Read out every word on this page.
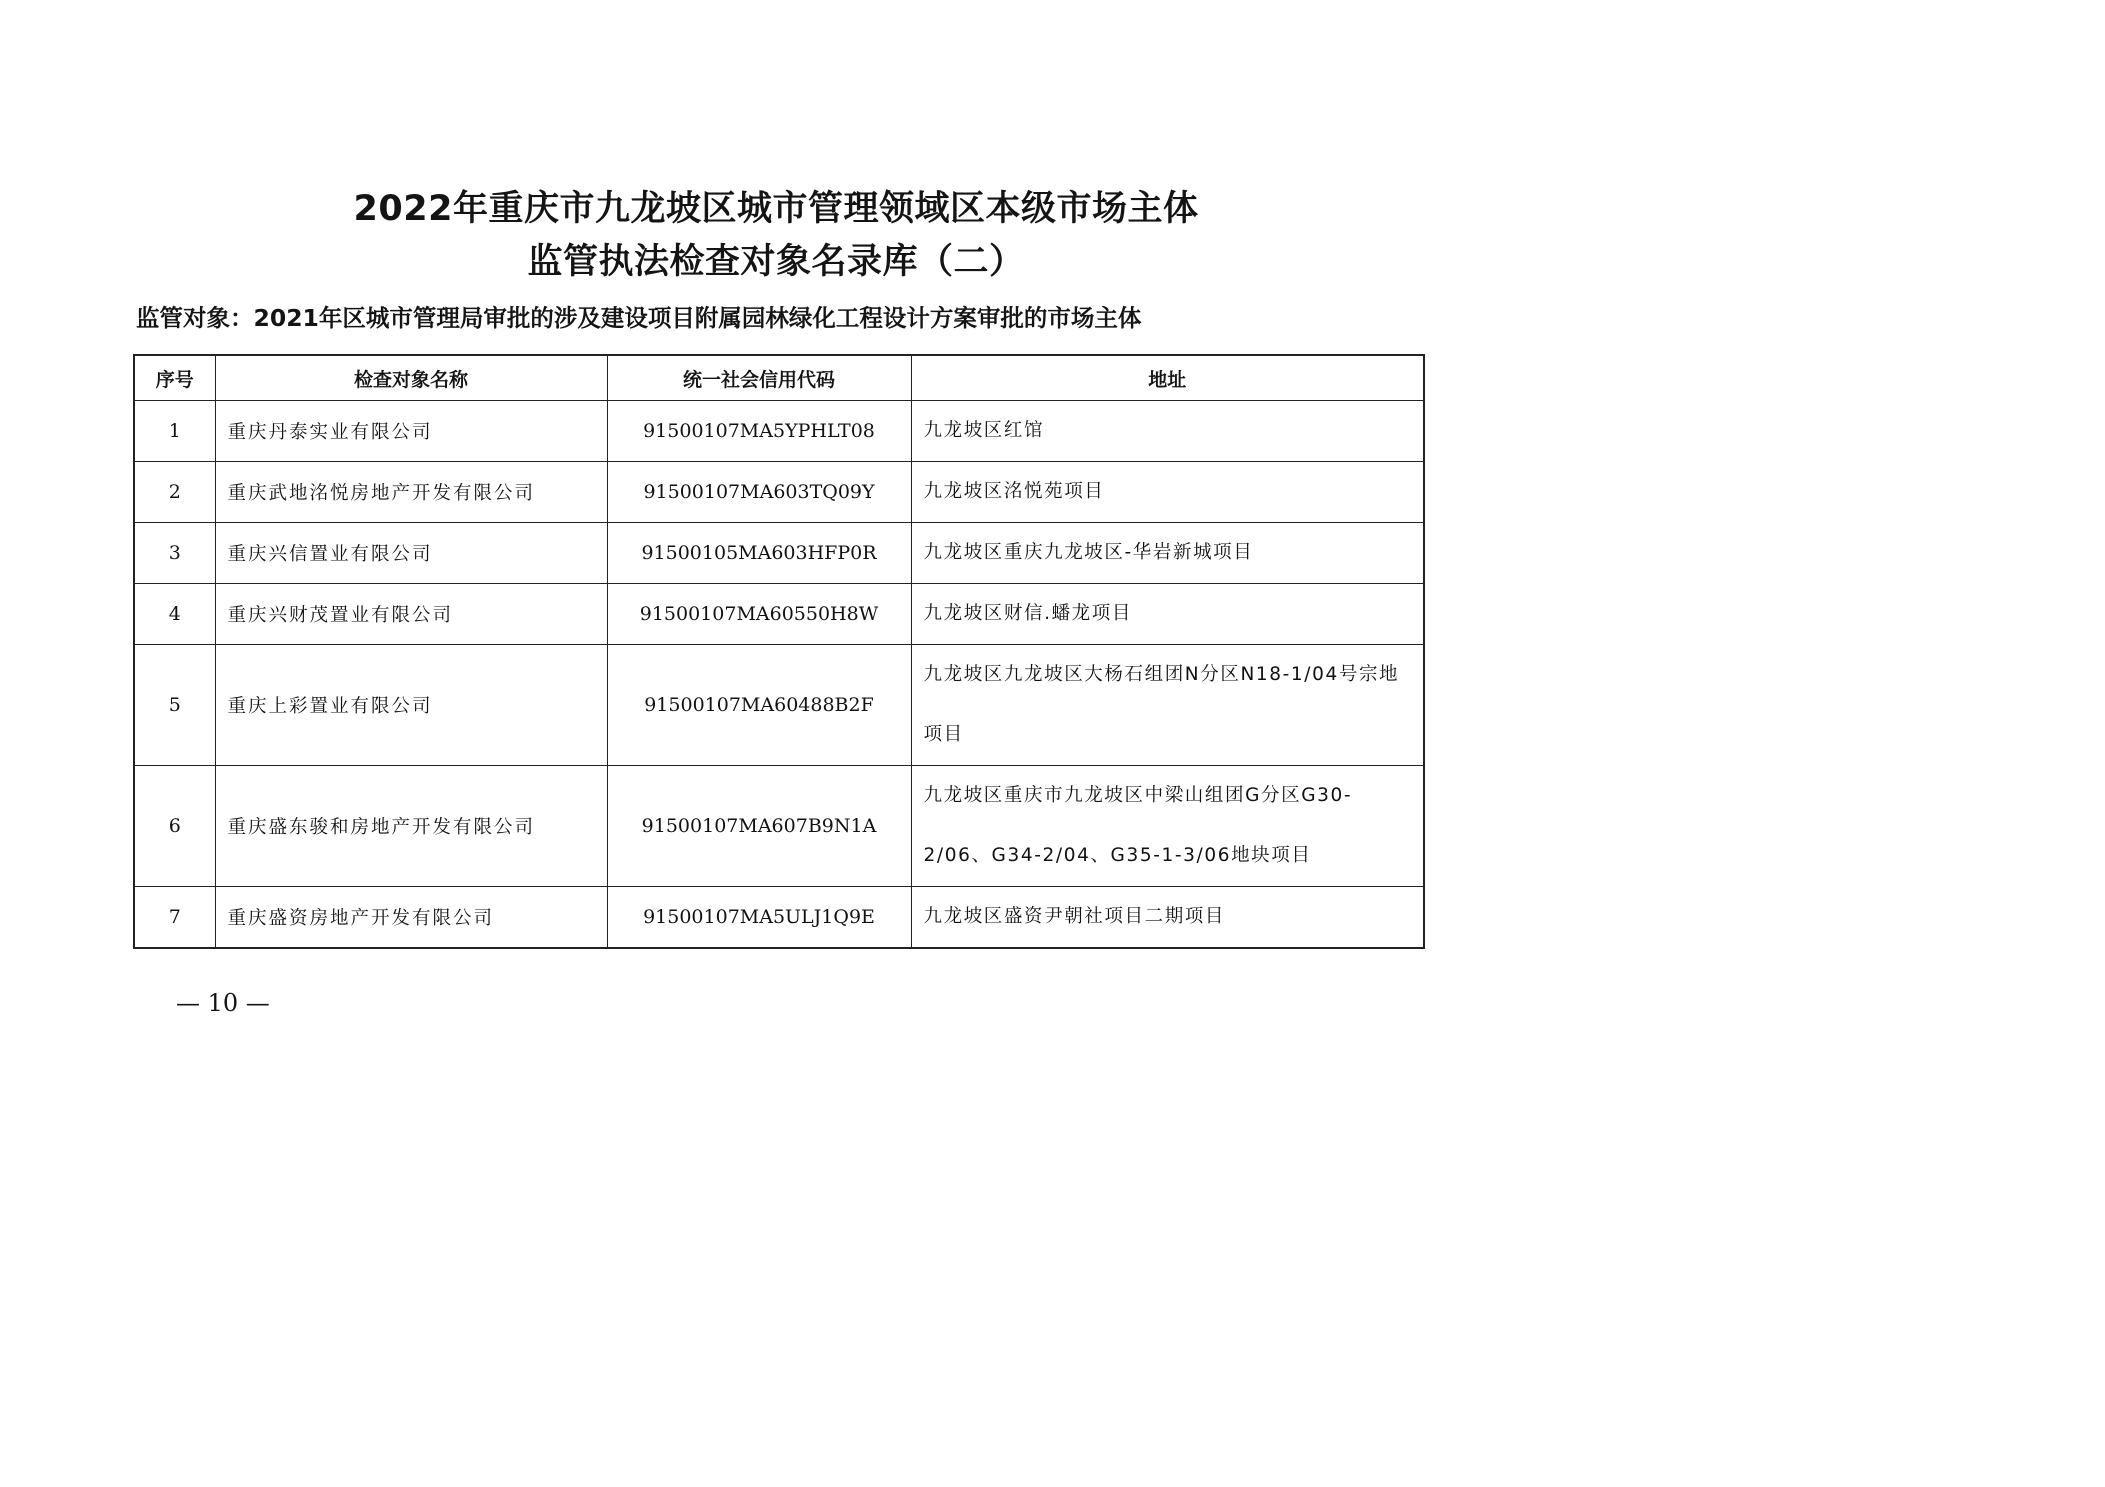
2022年重庆市九龙坡区城市管理领域区本级市场主体
监管执法检查对象名录库（二）
监管对象：2021年区城市管理局审批的涉及建设项目附属园林绿化工程设计方案审批的市场主体
序号	检查对象名称	统一社会信用代码	地址
1	重庆丹泰实业有限公司	91500107MA5YPHLT08	九龙坡区红馆
2	重庆武地洺悦房地产开发有限公司	91500107MA603TQ09Y	九龙坡区洺悦苑项目
3	重庆兴信置业有限公司	91500105MA603HFP0R	九龙坡区重庆九龙坡区-华岩新城项目
4	重庆兴财茂置业有限公司	91500107MA60550H8W	九龙坡区财信.蟠龙项目
5	重庆上彩置业有限公司	91500107MA60488B2F	九龙坡区九龙坡区大杨石组团N分区N18-1/04号宗地项目
6	重庆盛东骏和房地产开发有限公司	91500107MA607B9N1A	九龙坡区重庆市九龙坡区中梁山组团G分区G30-2/06、G34-2/04、G35-1-3/06地块项目
7	重庆盛资房地产开发有限公司	91500107MA5ULJ1Q9E	九龙坡区盛资尹朝社项目二期项目
— 10 —
